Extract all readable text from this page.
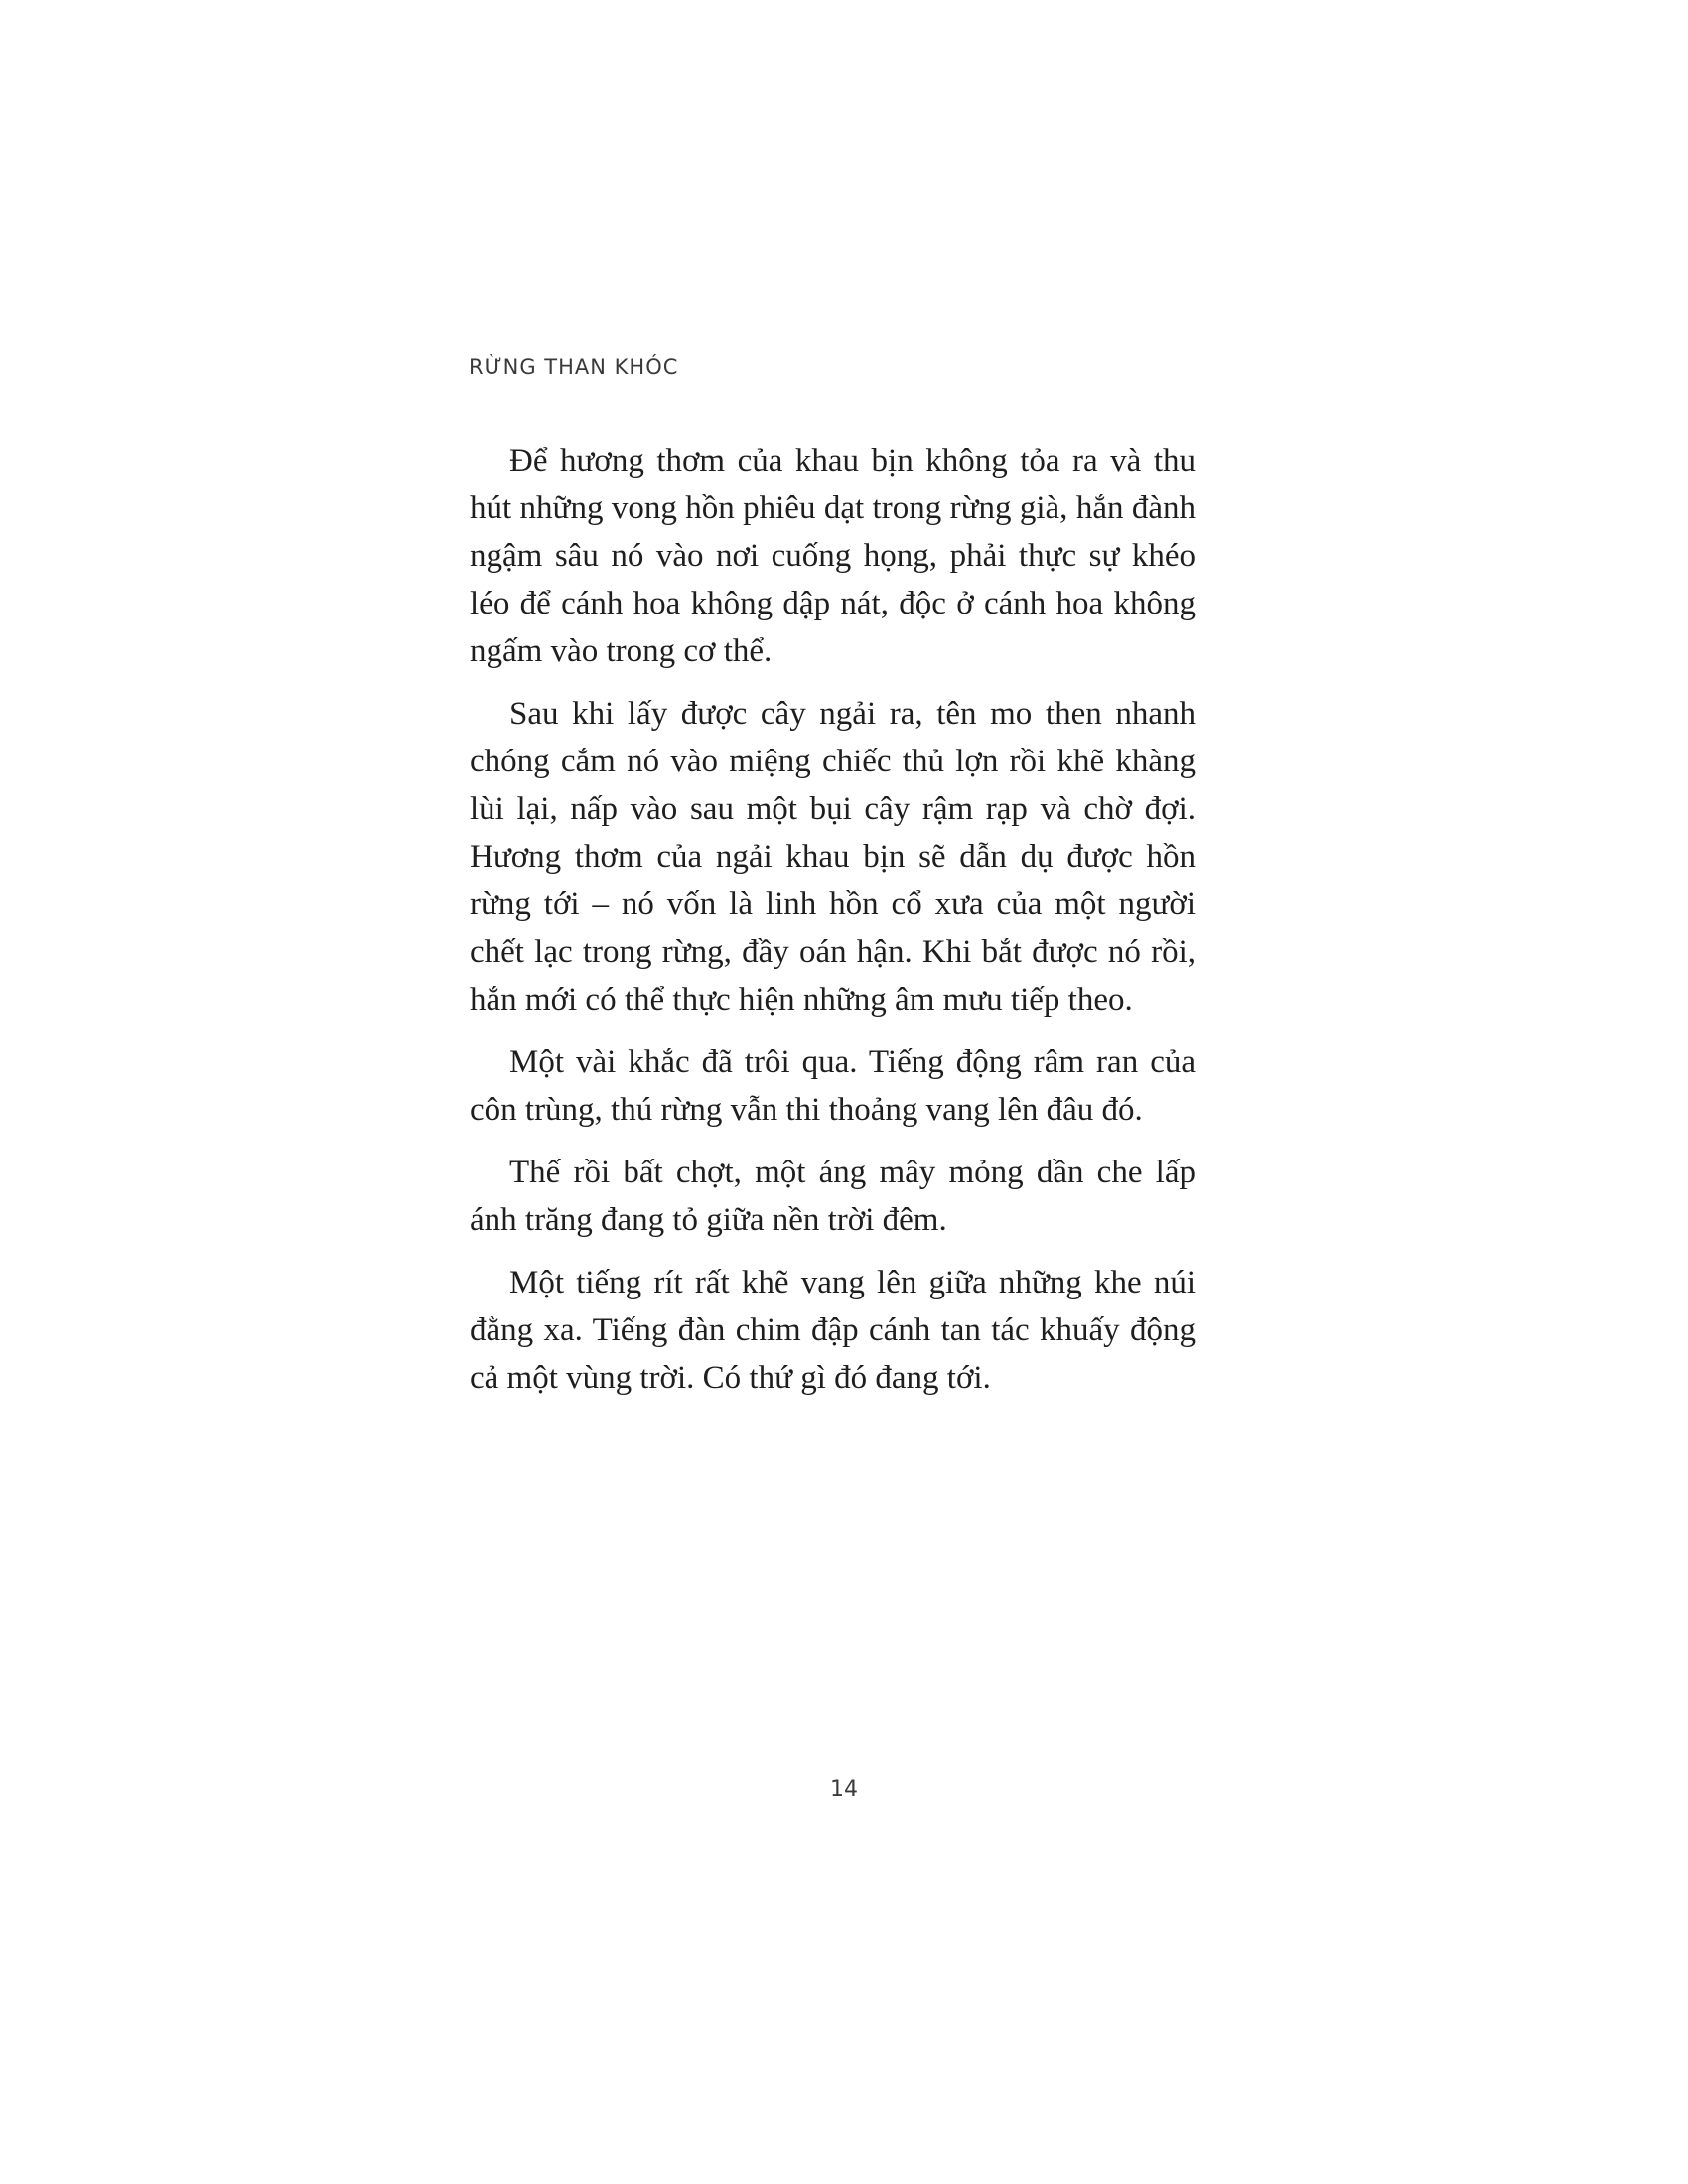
RỪNG THAN KHÓC

Để hương thơm của khau bịn không tỏa ra và thu hút những vong hồn phiêu dạt trong rừng già, hắn đành ngậm sâu nó vào nơi cuống họng, phải thực sự khéo léo để cánh hoa không dập nát, độc ở cánh hoa không ngấm vào trong cơ thể.

Sau khi lấy được cây ngải ra, tên mo then nhanh chóng cắm nó vào miệng chiếc thủ lợn rồi khẽ khàng lùi lại, nấp vào sau một bụi cây rậm rạp và chờ đợi. Hương thơm của ngải khau bịn sẽ dẫn dụ được hồn rừng tới – nó vốn là linh hồn cổ xưa của một người chết lạc trong rừng, đầy oán hận. Khi bắt được nó rồi, hắn mới có thể thực hiện những âm mưu tiếp theo.

Một vài khắc đã trôi qua. Tiếng động râm ran của côn trùng, thú rừng vẫn thi thoảng vang lên đâu đó.

Thế rồi bất chợt, một áng mây mỏng dần che lấp ánh trăng đang tỏ giữa nền trời đêm.

Một tiếng rít rất khẽ vang lên giữa những khe núi đằng xa. Tiếng đàn chim đập cánh tan tác khuấy động cả một vùng trời. Có thứ gì đó đang tới.

14
